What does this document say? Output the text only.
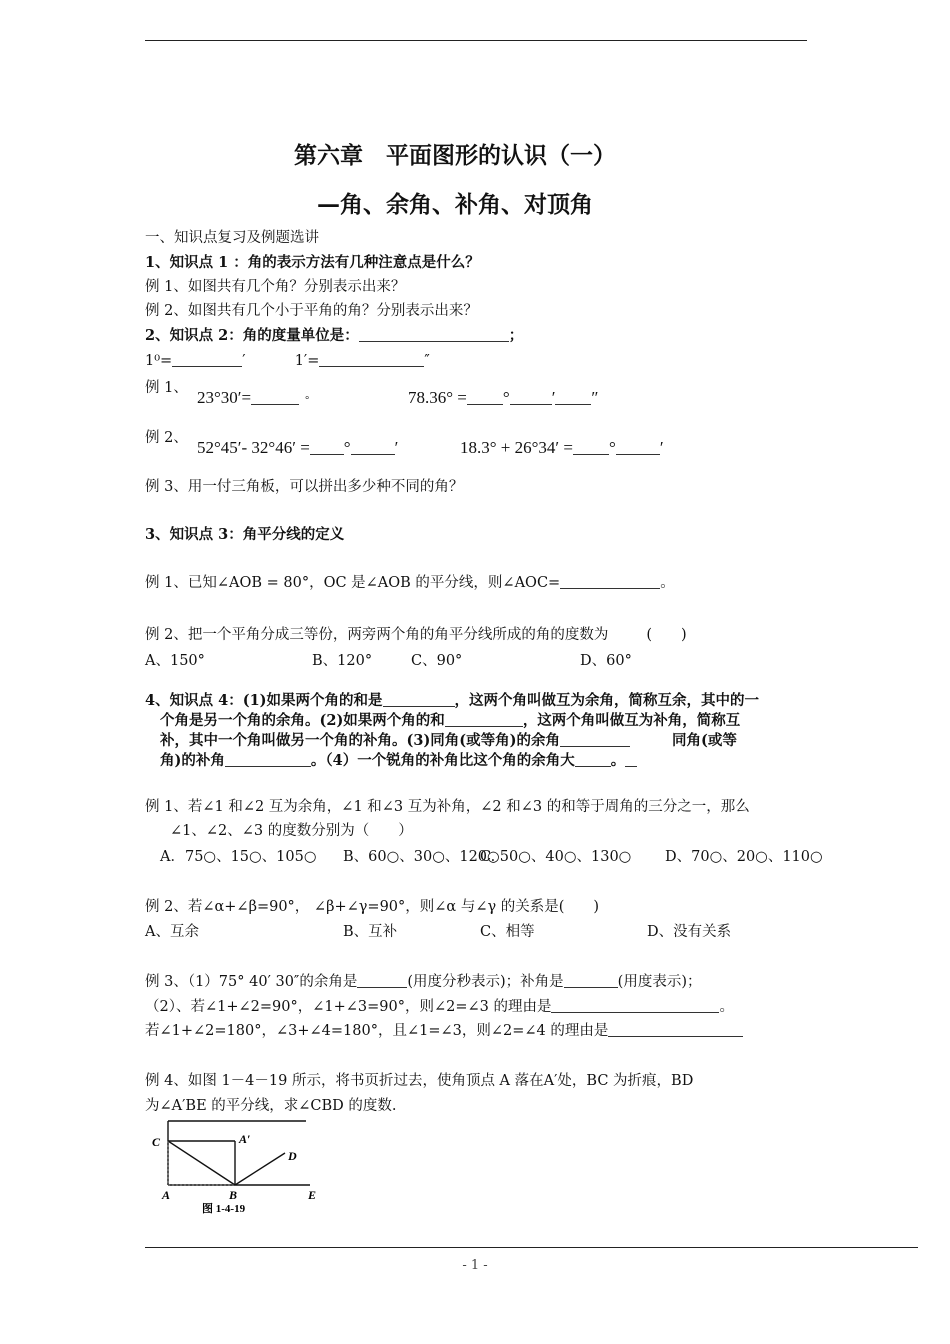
第六章　平面图形的认识（一）
—角、余角、补角、对顶角
一、知识点复习及例题选讲
1、知识点 1 ：角的表示方法有几种注意点是什么？
例 1、如图共有几个角？分别表示出来？
例 2、如图共有几个小于平角的角？分别表示出来？
2、知识点 2：角的度量单位是：	；
1⁰=	′	1′=	″
例 1、 23°30′=	°	78.36° = ° ′ ″
例 2、 52°45′- 32°46′ = °	′	18.3° + 26°34′ = °	′
例 3、用一付三角板，可以拼出多少种不同的角？
3、知识点 3：角平分线的定义
例 1、已知∠AOB = 80°，OC 是∠AOB 的平分线，则∠AOC=	。
例 2、把一个平角分成三等份，两旁两个角的角平分线所成的角的度数为	(　　)
A、150°	B、120°	C、90°	D、60°
4、知识点 4：(1)如果两个角的和是	，这两个角叫做互为余角，简称互余，其中的一
个角是另一个角的余角。(2)如果两个角的和	，这两个角叫做互为补角，简称互
补，其中一个角叫做另一个角的补角。(3)同角(或等角)的余角	同角(或等
角)的补角	。（4）一个锐角的补角比这个角的余角大 。
例 1、若∠1 和∠2 互为余角，∠1 和∠3 互为补角，∠2 和∠3 的和等于周角的三分之一，那么
∠1、∠2、∠3 的度数分别为（　　）
A．75○、15○、105○ B、60○、30○、120○
C. 50○、40○、130○ D、70○、20○、110○
例 2、若∠α+∠β=90°， ∠β+∠γ=90°，则∠α 与∠γ 的关系是(　　)
A、互余	B、互补	C、相等	D、没有关系
例 3、（1）75° 40′ 30″的余角是	(用度分秒表示)；补角是	(用度表示)；
（2）、若∠1+∠2=90°，∠1+∠3=90°，则∠2=∠3 的理由是	。
若∠1+∠2=180°，∠3+∠4=180°，且∠1=∠3，则∠2=∠4 的理由是
例 4、如图 1－4－19 所示，将书页折过去，使角顶点 A 落在A′处，BC 为折痕，BD
为∠A′BE 的平分线，求∠CBD 的度数.
C	A′
D
A	B	E
图 1-4-19
- 1 -
